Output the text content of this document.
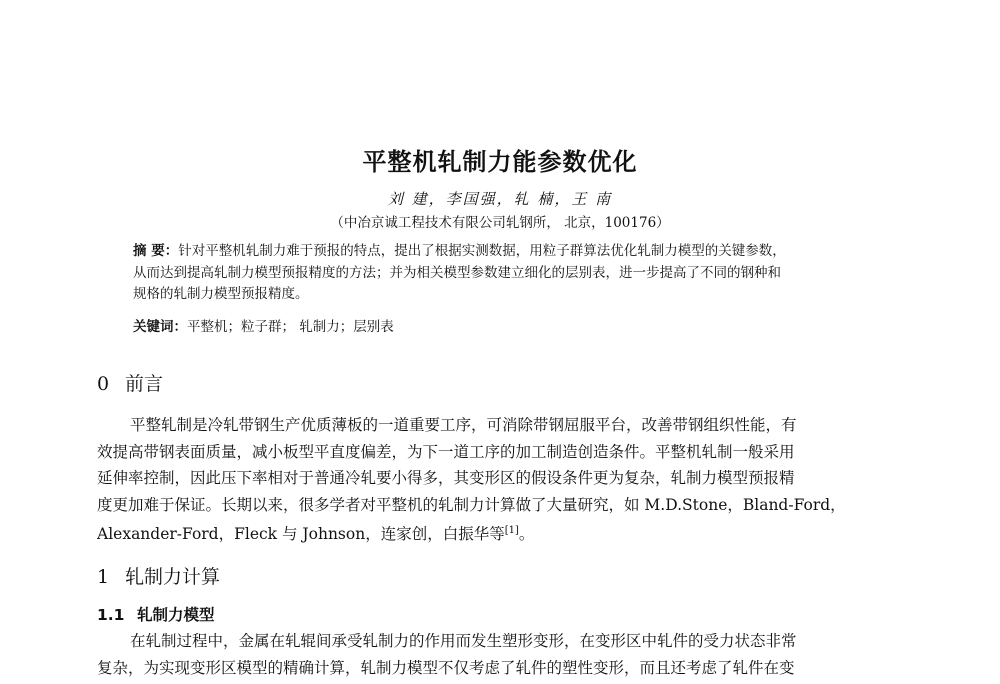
平整机轧制力能参数优化
刘 建，李国强，轧 楠，王 南
（中冶京诚工程技术有限公司轧钢所， 北京，100176）
摘 要：针对平整机轧制力难于预报的特点，提出了根据实测数据，用粒子群算法优化轧制力模型的关键参数，
从而达到提高轧制力模型预报精度的方法；并为相关模型参数建立细化的层别表，进一步提高了不同的钢种和
规格的轧制力模型预报精度。
关键词：平整机；粒子群； 轧制力；层别表
0 前言
平整轧制是冷轧带钢生产优质薄板的一道重要工序，可消除带钢屈服平台，改善带钢组织性能，有
效提高带钢表面质量，减小板型平直度偏差，为下一道工序的加工制造创造条件。平整机轧制一般采用
延伸率控制，因此压下率相对于普通冷轧要小得多，其变形区的假设条件更为复杂，轧制力模型预报精
度更加难于保证。长期以来，很多学者对平整机的轧制力计算做了大量研究，如 M.D.Stone，Bland-Ford，
Alexander-Ford，Fleck 与 Johnson，连家创，白振华等[1]。
1 轧制力计算
1.1 轧制力模型
在轧制过程中，金属在轧辊间承受轧制力的作用而发生塑形变形，在变形区中轧件的受力状态非常
复杂，为实现变形区模型的精确计算，轧制力模型不仅考虑了轧件的塑性变形，而且还考虑了轧件在变
